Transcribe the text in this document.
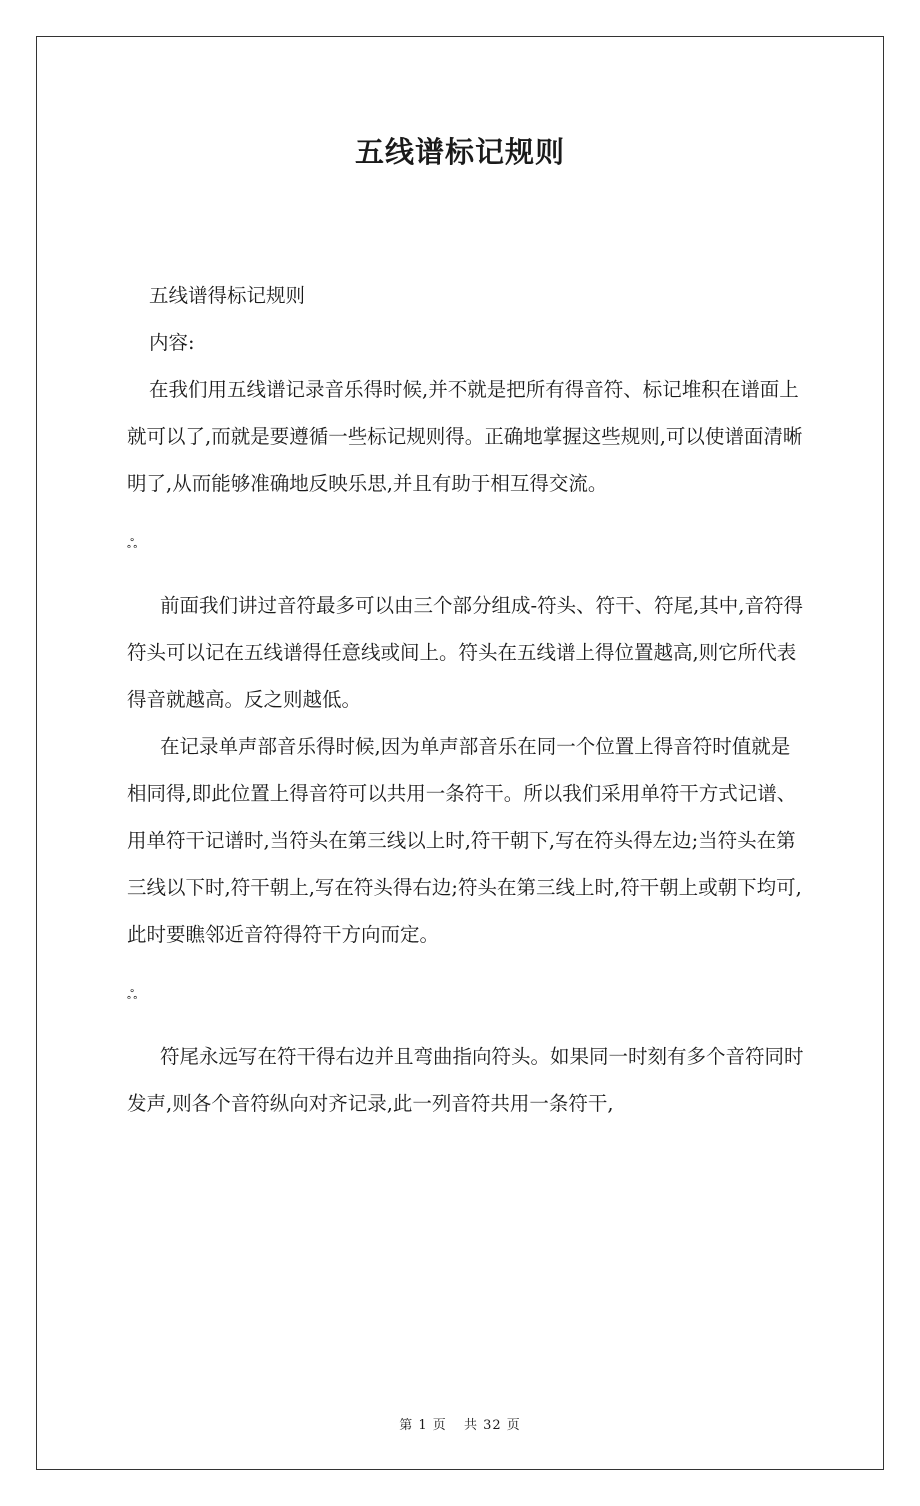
五线谱标记规则

五线谱得标记规则

内容:

在我们用五线谱记录音乐得时候,并不就是把所有得音符、标记堆积在谱面上就可以了,而就是要遵循一些标记规则得。正确地掌握这些规则,可以使谱面清晰明了,从而能够准确地反映乐思,并且有助于相互得交流。

ஃ

前面我们讲过音符最多可以由三个部分组成-符头、符干、符尾,其中,音符得符头可以记在五线谱得任意线或间上。符头在五线谱上得位置越高,则它所代表得音就越高。反之则越低。

在记录单声部音乐得时候,因为单声部音乐在同一个位置上得音符时值就是相同得,即此位置上得音符可以共用一条符干。所以我们采用单符干方式记谱、用单符干记谱时,当符头在第三线以上时,符干朝下,写在符头得左边;当符头在第三线以下时,符干朝上,写在符头得右边;符头在第三线上时,符干朝上或朝下均可,此时要瞧邻近音符得符干方向而定。

ஃ

符尾永远写在符干得右边并且弯曲指向符头。如果同一时刻有多个音符同时发声,则各个音符纵向对齐记录,此一列音符共用一条符干,

第 1 页 共 32 页
